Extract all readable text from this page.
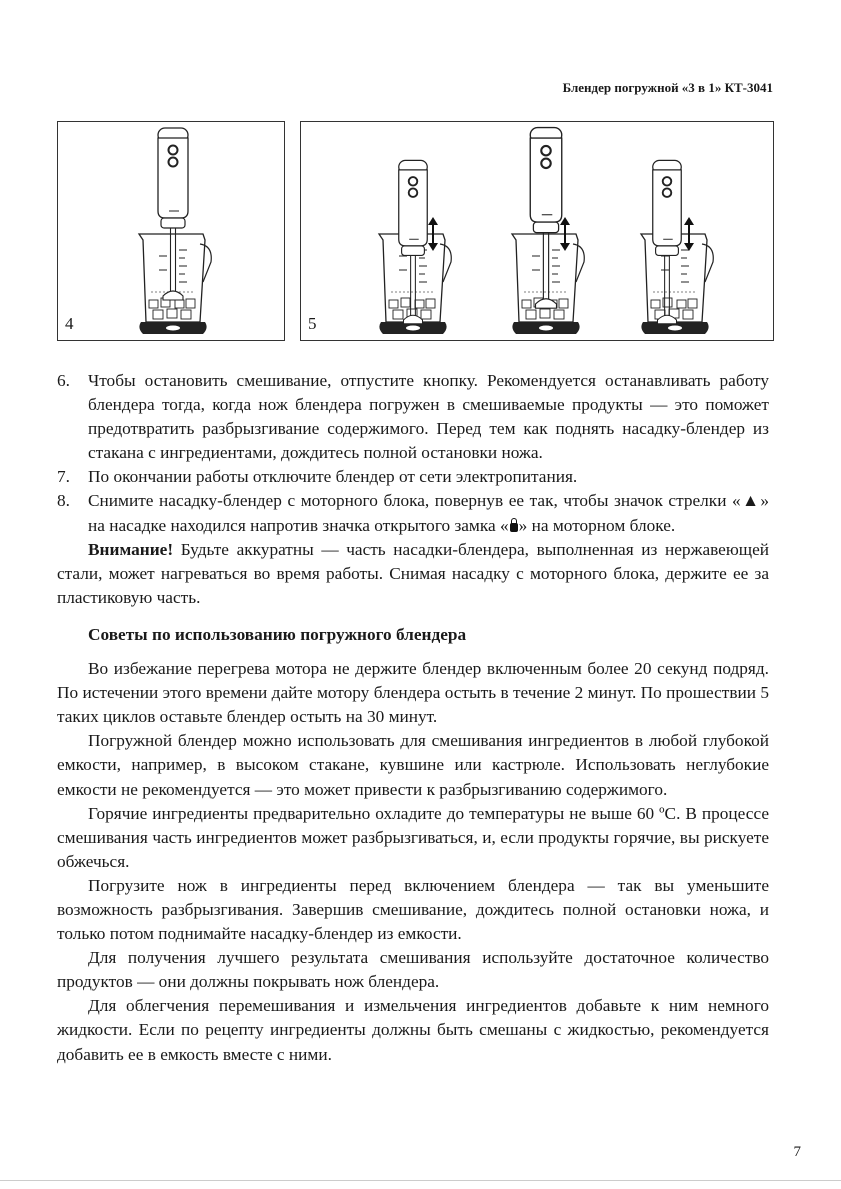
Блендер погружной «3 в 1» КТ-3041
4	5
6. Чтобы остановить смешивание, отпустите кнопку. Рекомендуется останавливать работу блендера тогда, когда нож блендера погружен в смешиваемые продукты — это поможет предотвратить разбрызгивание содержимого. Перед тем как поднять насадку-блендер из стакана с ингредиентами, дождитесь полной остановки ножа.
7. По окончании работы отключите блендер от сети электропитания.
8. Снимите насадку-блендер с моторного блока, повернув ее так, чтобы значок стрелки «▲» на насадке находился напротив значка открытого замка « » на моторном блоке.

Внимание! Будьте аккуратны — часть насадки-блендера, выполненная из нержавеющей стали, может нагреваться во время работы. Снимая насадку с моторного блока, держите ее за пластиковую часть.

Советы по использованию погружного блендера

Во избежание перегрева мотора не держите блендер включенным более 20 секунд подряд. По истечении этого времени дайте мотору блендера остыть в течение 2 минут. По прошествии 5 таких циклов оставьте блендер остыть на 30 минут.

Погружной блендер можно использовать для смешивания ингредиентов в любой глубокой емкости, например, в высоком стакане, кувшине или кастрюле. Использовать неглубокие емкости не рекомендуется — это может привести к разбрызгиванию содержимого.

Горячие ингредиенты предварительно охладите до температуры не выше 60 ºC. В процессе смешивания часть ингредиентов может разбрызгиваться, и, если продукты горячие, вы рискуете обжечься.

Погрузите нож в ингредиенты перед включением блендера — так вы уменьшите возможность разбрызгивания. Завершив смешивание, дождитесь полной остановки ножа, и только потом поднимайте насадку-блендер из емкости.

Для получения лучшего результата смешивания используйте достаточное количество продуктов — они должны покрывать нож блендера.

Для облегчения перемешивания и измельчения ингредиентов добавьте к ним немного жидкости. Если по рецепту ингредиенты должны быть смешаны с жидкостью, рекомендуется добавить ее в емкость вместе с ними.

7
